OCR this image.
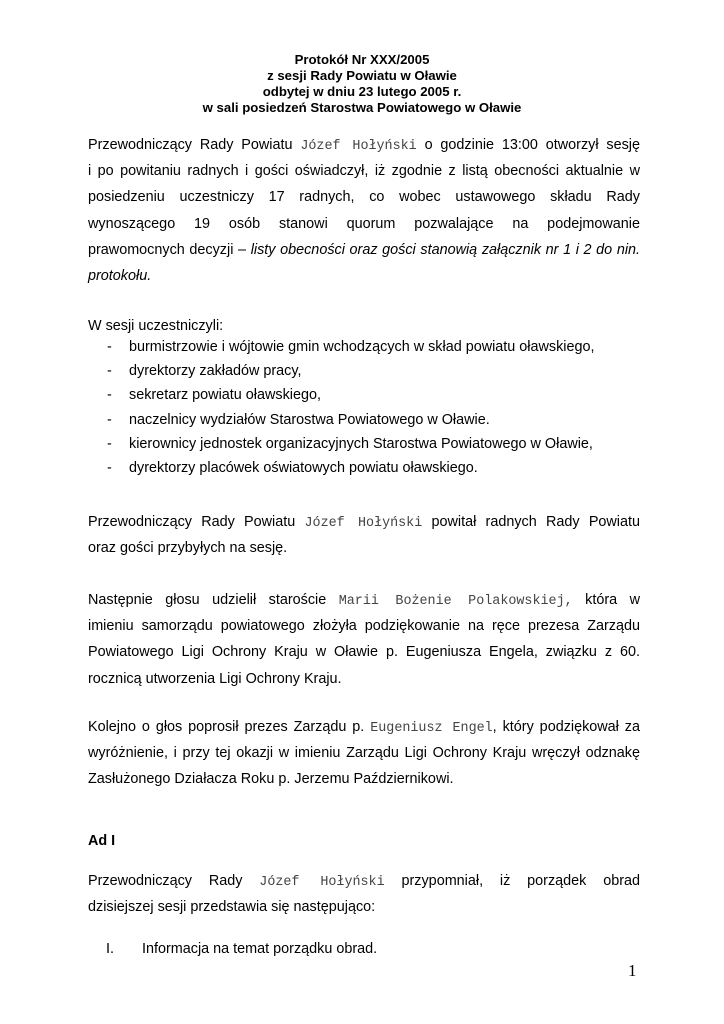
Protokół Nr XXX/2005
z sesji Rady Powiatu w Oławie
odbytej w dniu 23 lutego 2005 r.
w sali posiedzeń Starostwa Powiatowego w Oławie
Przewodniczący Rady Powiatu Józef Hołyński o godzinie 13:00 otworzył sesję
i po powitaniu radnych i gości oświadczył, iż zgodnie z listą obecności aktualnie w
posiedzeniu uczestniczy 17 radnych, co wobec ustawowego składu Rady
wynoszącego 19 osób stanowi quorum pozwalające na podejmowanie
prawomocnych decyzji – listy obecności oraz gości stanowią załącznik nr 1 i 2 do nin.
protokołu.
W sesji uczestniczyli:
- burmistrzowie i wójtowie gmin wchodzących w skład powiatu oławskiego,
- dyrektorzy zakładów pracy,
- sekretarz powiatu oławskiego,
- naczelnicy wydziałów Starostwa Powiatowego w Oławie.
- kierownicy jednostek organizacyjnych Starostwa Powiatowego w Oławie,
- dyrektorzy placówek oświatowych powiatu oławskiego.
Przewodniczący Rady Powiatu Józef Hołyński powitał radnych Rady Powiatu
oraz gości przybyłych na sesję.
Następnie głosu udzielił staroście Marii Bożenie Polakowskiej, która w
imieniu samorządu powiatowego złożyła podziękowanie na ręce prezesa Zarządu
Powiatowego Ligi Ochrony Kraju w Oławie p. Eugeniusza Engela, związku z 60.
rocznicą utworzenia Ligi Ochrony Kraju.
Kolejno o głos poprosił prezes Zarządu p. Eugeniusz Engel, który podziękował za
wyróżnienie, i przy tej okazji w imieniu Zarządu Ligi Ochrony Kraju wręczył odznakę
Zasłużonego Działacza Roku p. Jerzemu Październikowi.
Ad I
Przewodniczący Rady Józef Hołyński przypomniał, iż porządek obrad
dzisiejszej sesji przedstawia się następująco:
I. Informacja na temat porządku obrad.
1
